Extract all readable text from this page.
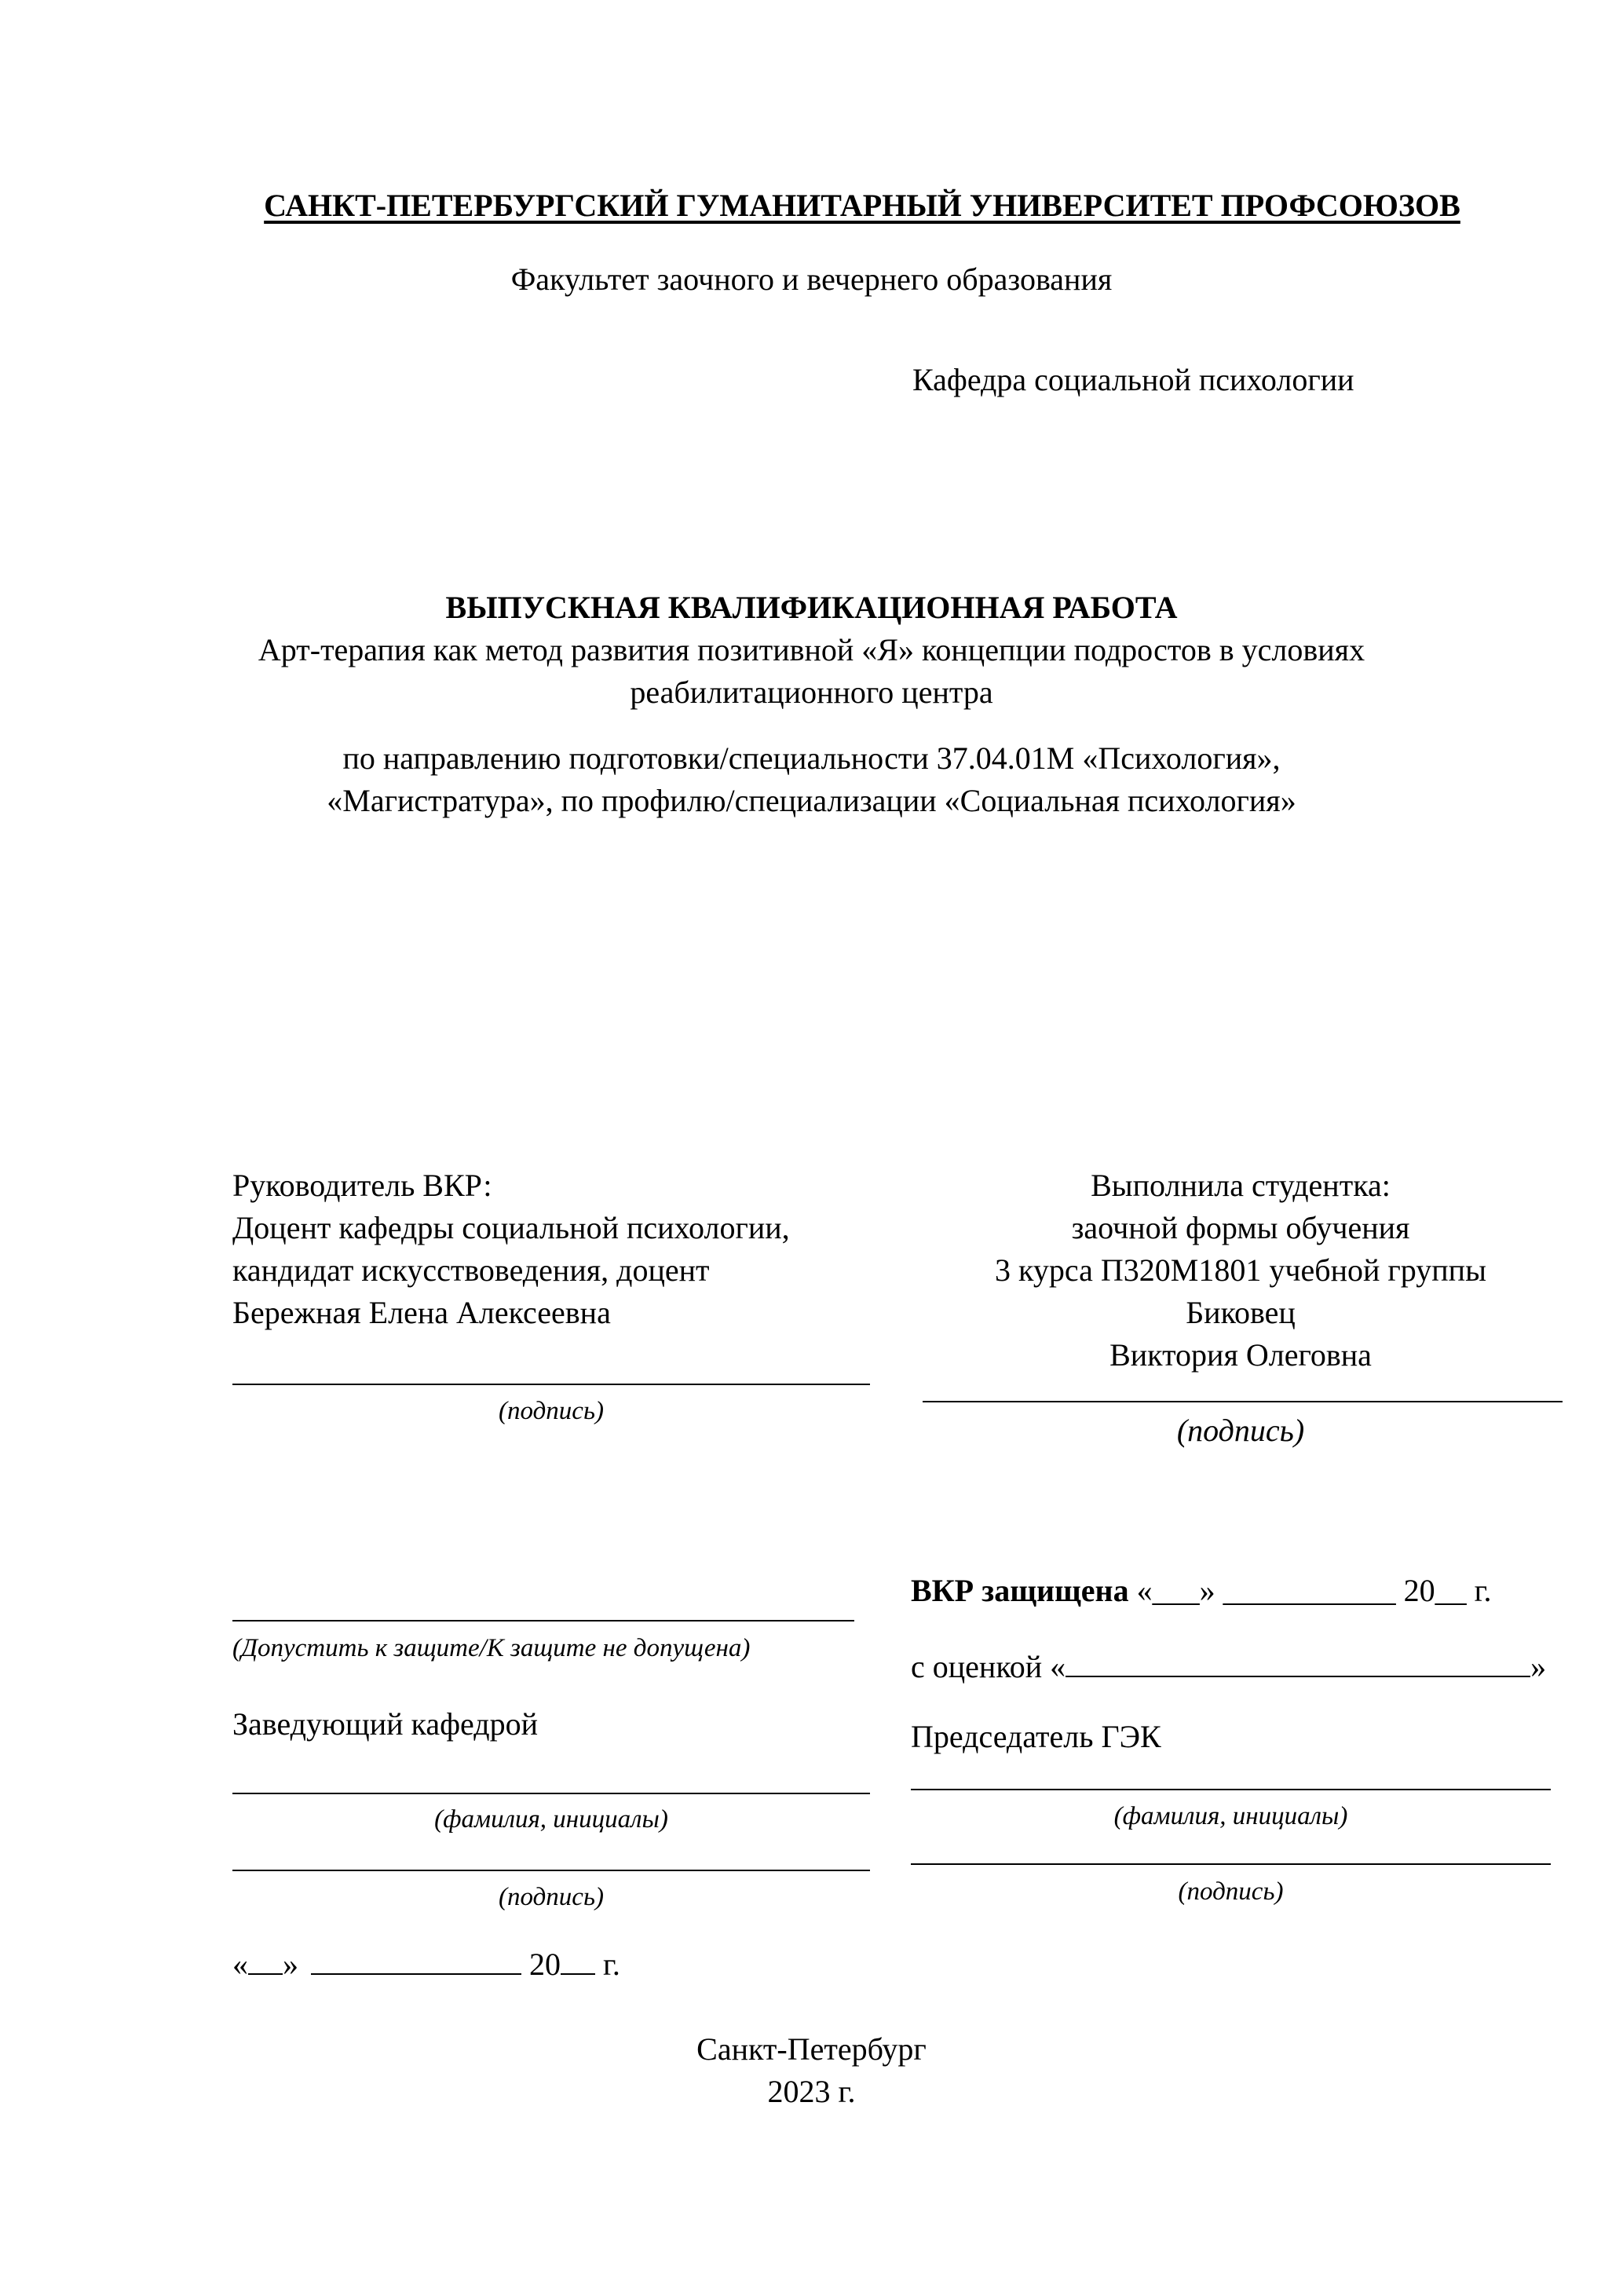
САНКТ-ПЕТЕРБУРГСКИЙ ГУМАНИТАРНЫЙ УНИВЕРСИТЕТ ПРОФСОЮЗОВ
Факультет заочного и вечернего образования
Кафедра социальной психологии
ВЫПУСКНАЯ КВАЛИФИКАЦИОННАЯ РАБОТА
Арт-терапия как метод развития позитивной «Я» концепции подростов в условиях
реабилитационного центра
по направлению подготовки/специальности 37.04.01М «Психология»,
«Магистратура», по профилю/специализации «Социальная психология»
Руководитель ВКР:
Доцент кафедры социальной психологии,
кандидат искусствоведения, доцент
Бережная Елена Алексеевна
(подпись)
Выполнила студентка:
заочной формы обучения
3 курса П320М1801 учебной группы
Биковец
Виктория Олеговна
(подпись)
(Допустить к защите/К защите не допущена)
Заведующий кафедрой
(фамилия, инициалы)
(подпись)
« »	20 г.
ВКР защищена «___» ___________ 20__ г.
с оценкой «	»
Председатель ГЭК
(фамилия, инициалы)
(подпись)
Санкт-Петербург
2023 г.
